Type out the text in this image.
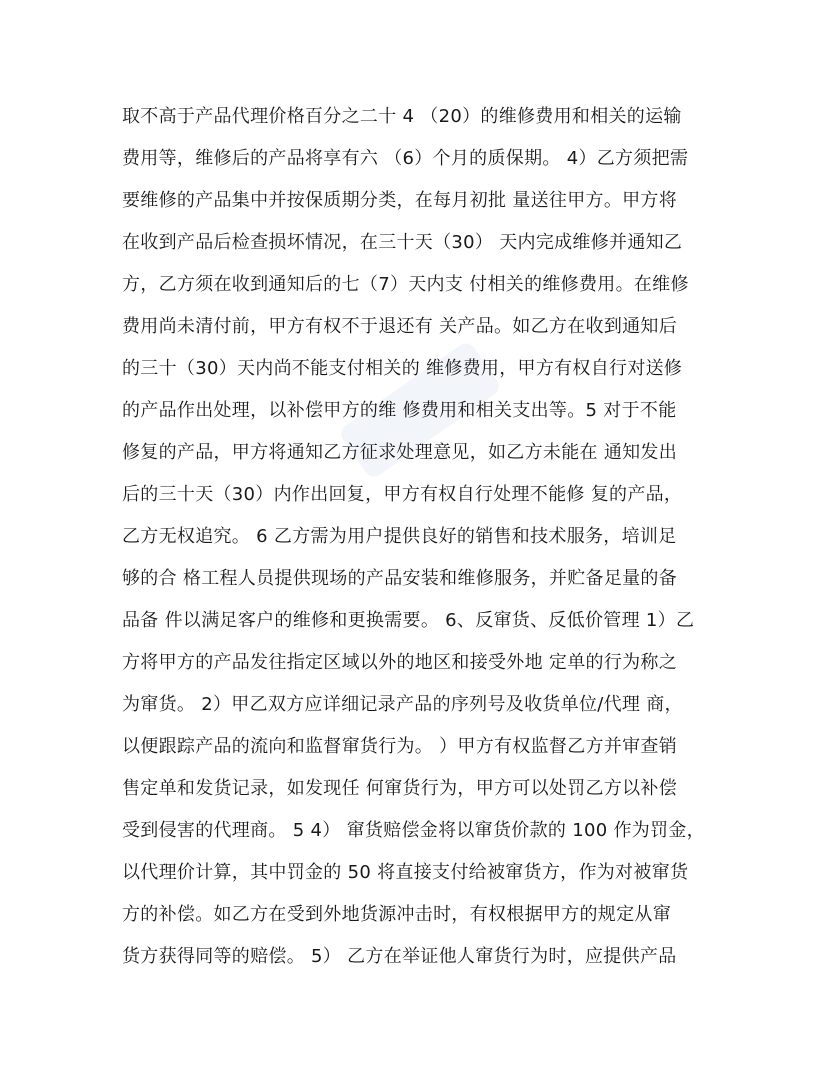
取不高于产品代理价格百分之二十 4 （20）的维修费用和相关的运输
费用等，维修后的产品将享有六 （6）个月的质保期。 4）乙方须把需
要维修的产品集中并按保质期分类，在每月初批 量送往甲方。甲方将
在收到产品后检查损坏情况，在三十天（30） 天内完成维修并通知乙
方，乙方须在收到通知后的七（7）天内支 付相关的维修费用。在维修
费用尚未清付前，甲方有权不于退还有 关产品。如乙方在收到通知后
的三十（30）天内尚不能支付相关的 维修费用，甲方有权自行对送修
的产品作出处理，以补偿甲方的维 修费用和相关支出等。5 对于不能
修复的产品，甲方将通知乙方征求处理意见，如乙方未能在 通知发出
后的三十天（30）内作出回复，甲方有权自行处理不能修 复的产品，
乙方无权追究。 6 乙方需为用户提供良好的销售和技术服务，培训足
够的合 格工程人员提供现场的产品安装和维修服务，并贮备足量的备
品备 件以满足客户的维修和更换需要。 6、反窜货、反低价管理 1）乙
方将甲方的产品发往指定区域以外的地区和接受外地 定单的行为称之
为窜货。 2）甲乙双方应详细记录产品的序列号及收货单位/代理 商，
以便跟踪产品的流向和监督窜货行为。 ）甲方有权监督乙方并审查销
售定单和发货记录，如发现任 何窜货行为，甲方可以处罚乙方以补偿
受到侵害的代理商。 5 4） 窜货赔偿金将以窜货价款的 100 作为罚金，
以代理价计算，其中罚金的 50 将直接支付给被窜货方，作为对被窜货
方的补偿。如乙方在受到外地货源冲击时，有权根据甲方的规定从窜
货方获得同等的赔偿。 5） 乙方在举证他人窜货行为时，应提供产品
